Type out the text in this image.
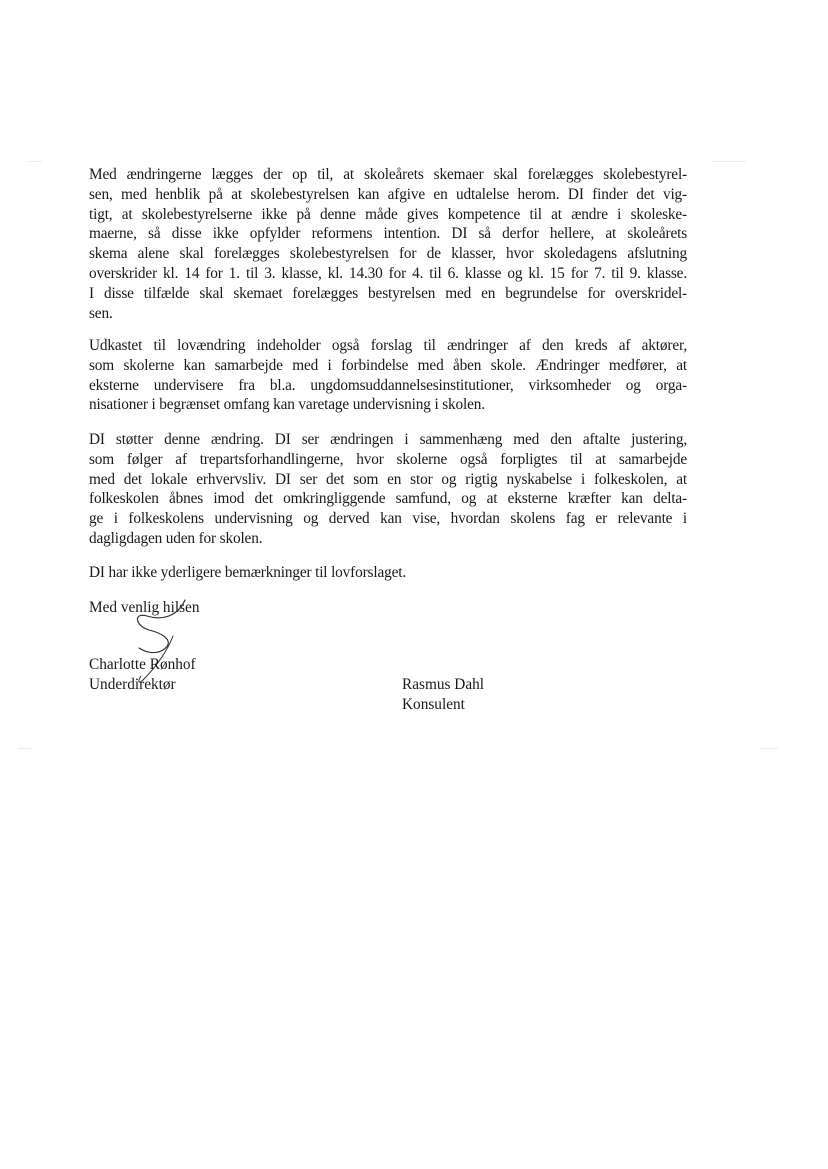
Med ændringerne lægges der op til, at skoleårets skemaer skal forelægges skolebestyrel-
sen, med henblik på at skolebestyrelsen kan afgive en udtalelse herom. DI finder det vig-
tigt, at skolebestyrelserne ikke på denne måde gives kompetence til at ændre i skoleske-
maerne, så disse ikke opfylder reformens intention. DI så derfor hellere, at skoleårets
skema alene skal forelægges skolebestyrelsen for de klasser, hvor skoledagens afslutning
overskrider kl. 14 for 1. til 3. klasse, kl. 14.30 for 4. til 6. klasse og kl. 15 for 7. til 9. klasse.
I disse tilfælde skal skemaet forelægges bestyrelsen med en begrundelse for overskridel-
sen.
Udkastet til lovændring indeholder også forslag til ændringer af den kreds af aktører,
som skolerne kan samarbejde med i forbindelse med åben skole. Ændringer medfører, at
eksterne undervisere fra bl.a. ungdomsuddannelsesinstitutioner, virksomheder og orga-
nisationer i begrænset omfang kan varetage undervisning i skolen.
DI støtter denne ændring. DI ser ændringen i sammenhæng med den aftalte justering,
som følger af trepartsforhandlingerne, hvor skolerne også forpligtes til at samarbejde
med det lokale erhvervsliv. DI ser det som en stor og rigtig nyskabelse i folkeskolen, at
folkeskolen åbnes imod det omkringliggende samfund, og at eksterne kræfter kan delta-
ge i folkeskolens undervisning og derved kan vise, hvordan skolens fag er relevante i
dagligdagen uden for skolen.
DI har ikke yderligere bemærkninger til lovforslaget.
Med venlig hilsen
Charlotte Rønhof
Underdirektør	Rasmus Dahl
Konsulent
